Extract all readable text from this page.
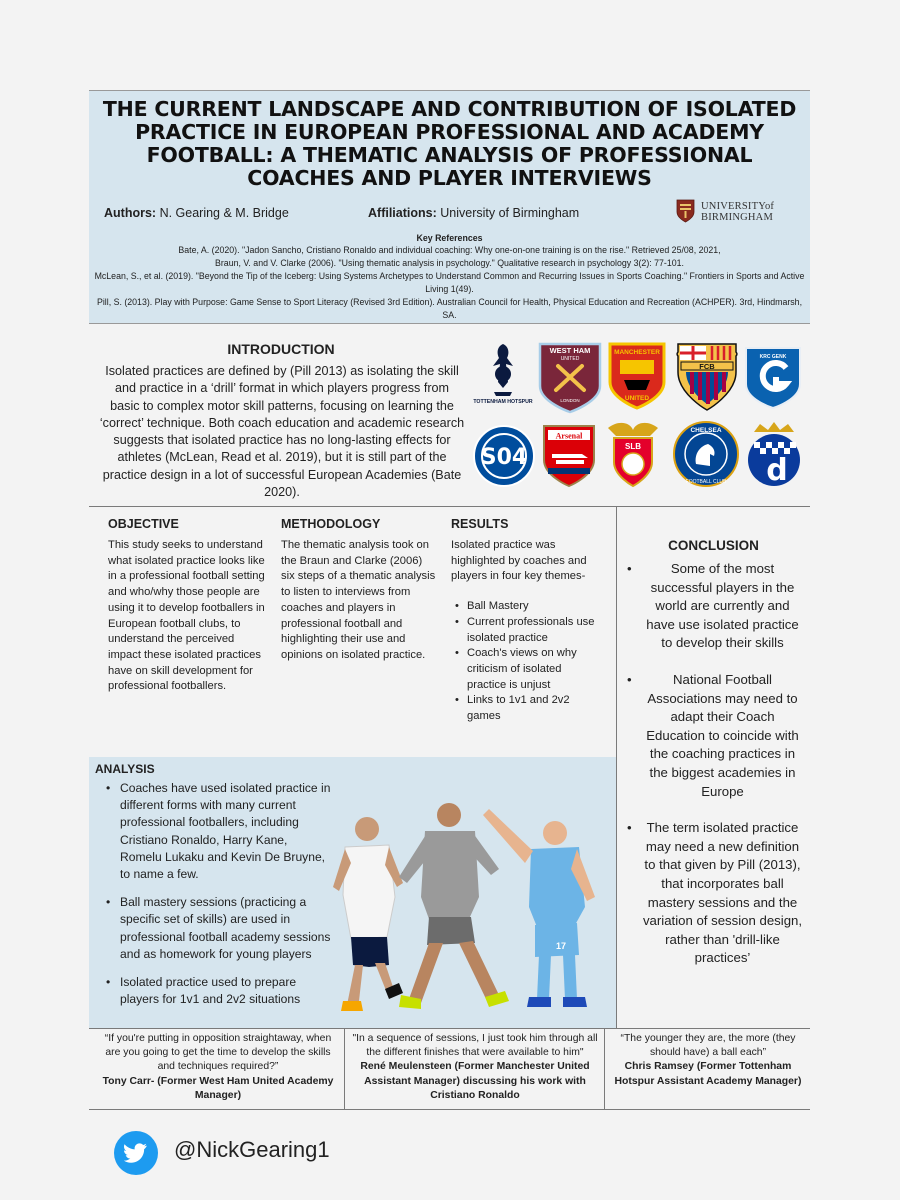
THE CURRENT LANDSCAPE AND CONTRIBUTION OF ISOLATED PRACTICE IN EUROPEAN PROFESSIONAL AND ACADEMY FOOTBALL: A THEMATIC ANALYSIS OF PROFESSIONAL COACHES AND PLAYER INTERVIEWS
Authors: N. Gearing & M. Bridge	Affiliations: University of Birmingham	UNIVERSITYof
BIRMINGHAM
Key References
Bate, A. (2020). "Jadon Sancho, Cristiano Ronaldo and individual coaching: Why one-on-one training is on the rise." Retrieved 25/08, 2021,
Braun, V. and V. Clarke (2006). "Using thematic analysis in psychology." Qualitative research in psychology 3(2): 77-101.
McLean, S., et al. (2019). "Beyond the Tip of the Iceberg: Using Systems Archetypes to Understand Common and Recurring Issues in Sports Coaching." Frontiers in Sports and Active Living 1(49).
Pill, S. (2013). Play with Purpose: Game Sense to Sport Literacy (Revised 3rd Edition). Australian Council for Health, Physical Education and Recreation (ACHPER). 3rd, Hindmarsh, SA.
INTRODUCTION
Isolated practices are defined by (Pill 2013) as isolating the skill and practice in a ‘drill’ format in which players progress from basic to complex motor skill patterns, focusing on learning the ‘correct’ technique. Both coach education and academic research suggests that isolated practice has no long-lasting effects for athletes (McLean, Read et al. 2019), but it is still part of the practice design in a lot of successful European Academies (Bate 2020).
TOTTENHAM HOTSPUR
WEST HAM
UNITED
LONDON
MANCHESTER
UNITED
FCB
KRC GENK
S04
Arsenal
SLB
CHELSEA
FOOTBALL CLUB d
OBJECTIVE
This study seeks to understand what isolated practice looks like in a professional football setting and who/why those people are using it to develop footballers in European football clubs, to understand the perceived impact these isolated practices have on skill development for professional footballers.
METHODOLOGY
The thematic analysis took on the Braun and Clarke (2006) six steps of a thematic analysis to listen to interviews from coaches and players in professional football and highlighting their use and opinions on isolated practice.
RESULTS
Isolated practice was highlighted by coaches and players in four key themes-
• Ball Mastery
• Current professionals use isolated practice
• Coach's views on why criticism of isolated practice is unjust
• Links to 1v1 and 2v2 games
CONCLUSION
• Some of the most successful players in the world are currently and have use isolated practice to develop their skills
• National Football Associations may need to adapt their Coach Education to coincide with the coaching practices in the biggest academies in Europe
• The term isolated practice may need a new definition to that given by Pill (2013), that incorporates ball mastery sessions and the variation of session design, rather than 'drill-like practices’
ANALYSIS
• Coaches have used isolated practice in different forms with many current professional footballers, including Cristiano Ronaldo, Harry Kane, Romelu Lukaku and Kevin De Bruyne, to name a few.
• Ball mastery sessions (practicing a specific set of skills) are used in professional football academy sessions and as homework for young players
• Isolated practice used to prepare players for 1v1 and 2v2 situations
17
“If you're putting in opposition straightaway, when are you going to get the time to develop the skills and techniques required?”
Tony Carr- (Former West Ham United Academy Manager)
"In a sequence of sessions, I just took him through all the different finishes that were available to him"
René Meulensteen (Former Manchester United Assistant Manager) discussing his work with Cristiano Ronaldo
“The younger they are, the more (they should have) a ball each”
Chris Ramsey (Former Tottenham Hotspur Assistant Academy Manager)
@NickGearing1
